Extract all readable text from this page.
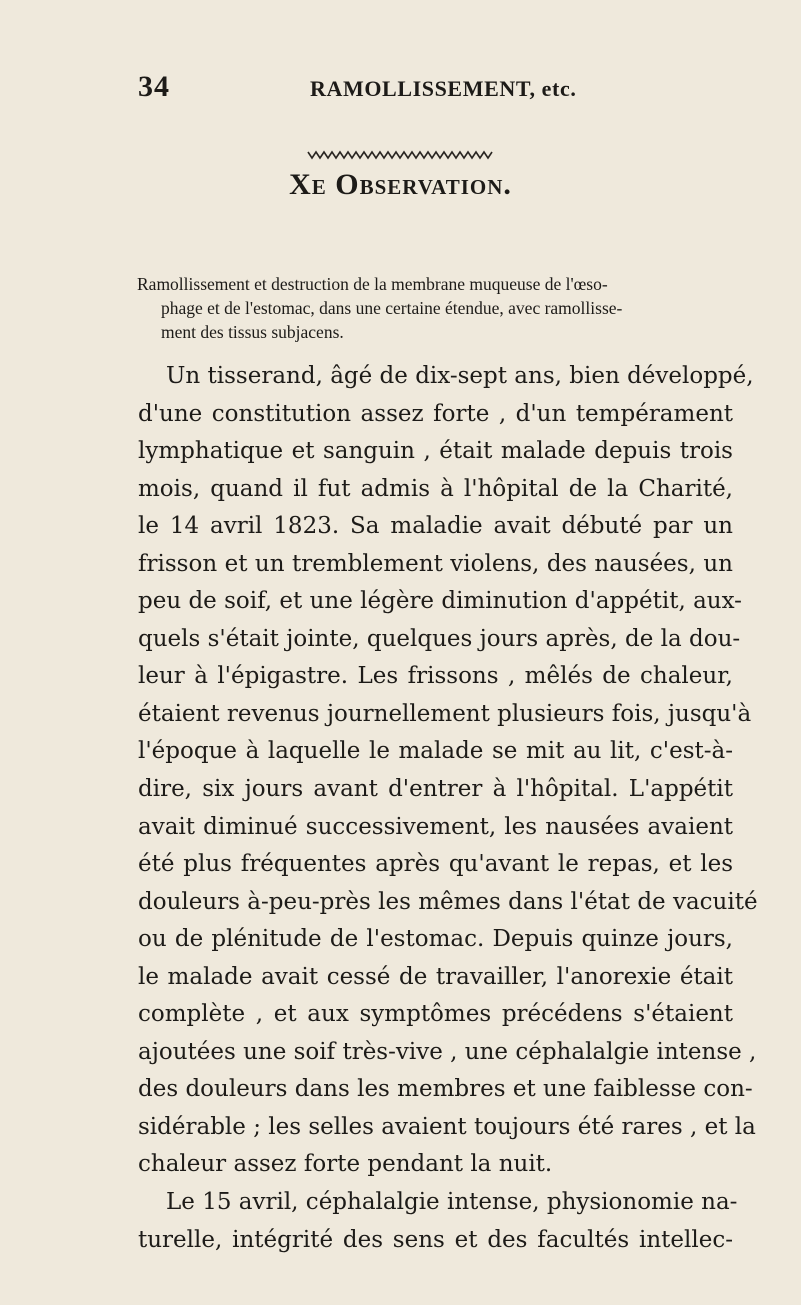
34	RAMOLLISSEMENT, etc.
Xe Observation.
Ramollissement et destruction de la membrane muqueuse de l'œso-
phage et de l'estomac, dans une certaine étendue, avec ramollisse-
ment des tissus subjacens.
Un tisserand, âgé de dix-sept ans, bien développé,
d'une constitution assez forte , d'un tempérament
lymphatique et sanguin , était malade depuis trois
mois, quand il fut admis à l'hôpital de la Charité,
le 14 avril 1823. Sa maladie avait débuté par un
frisson et un tremblement violens, des nausées, un
peu de soif, et une légère diminution d'appétit, aux-
quels s'était jointe, quelques jours après, de la dou-
leur à l'épigastre. Les frissons , mêlés de chaleur,
étaient revenus journellement plusieurs fois, jusqu'à
l'époque à laquelle le malade se mit au lit, c'est-à-
dire, six jours avant d'entrer à l'hôpital. L'appétit
avait diminué successivement, les nausées avaient
été plus fréquentes après qu'avant le repas, et les
douleurs à-peu-près les mêmes dans l'état de vacuité
ou de plénitude de l'estomac. Depuis quinze jours,
le malade avait cessé de travailler, l'anorexie était
complète , et aux symptômes précédens s'étaient
ajoutées une soif très-vive , une céphalalgie intense ,
des douleurs dans les membres et une faiblesse con-
sidérable ; les selles avaient toujours été rares , et la
chaleur assez forte pendant la nuit.
Le 15 avril, céphalalgie intense, physionomie na-
turelle, intégrité des sens et des facultés intellec-
